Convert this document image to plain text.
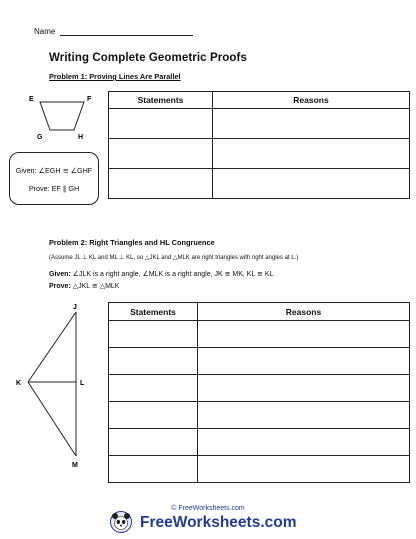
Name
Writing Complete Geometric Proofs
Problem 1: Proving Lines Are Parallel
E	F
G	H
Given: ∠EGH ≅ ∠GHF
Prove: EF ∥ GH
Statements	Reasons

Problem 2: Right Triangles and HL Congruence
(Assume JL ⊥ KL and ML ⊥ KL, so △JKL and △MLK are right triangles with right angles at L.)
Given: ∠JLK is a right angle, ∠MLK is a right angle, JK ≅ MK, KL ≅ KL
Prove: △JKL ≅ △MLK
J
K	L
M
Statements	Reasons

© FreeWorksheets.com
FreeWorksheets.com
